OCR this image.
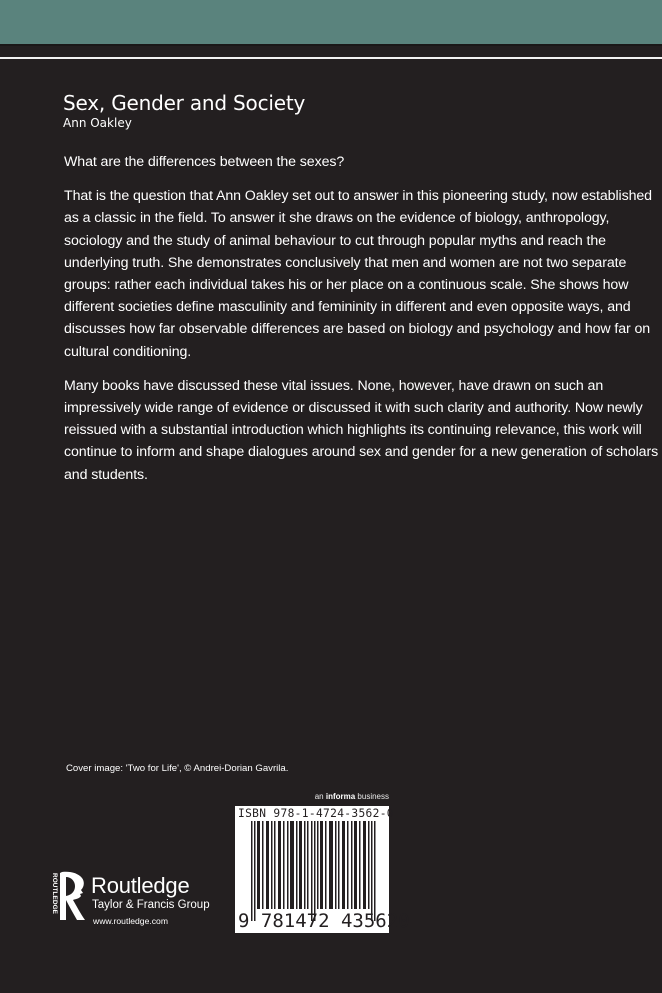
Sex, Gender and Society
Ann Oakley

What are the differences between the sexes?

That is the question that Ann Oakley set out to answer in this pioneering study, now established as a classic in the field. To answer it she draws on the evidence of biology, anthropology, sociology and the study of animal behaviour to cut through popular myths and reach the underlying truth. She demonstrates conclusively that men and women are not two separate groups: rather each individual takes his or her place on a continuous scale. She shows how different societies define masculinity and femininity in different and even opposite ways, and discusses how far observable differences are based on biology and psychology and how far on cultural conditioning.

Many books have discussed these vital issues. None, however, have drawn on such an impressively wide range of evidence or discussed it with such clarity and authority. Now newly reissued with a substantial introduction which highlights its continuing relevance, this work will continue to inform and shape dialogues around sex and gender for a new generation of scholars and students.

Cover image: 'Two for Life', © Andrei-Dorian Gavrila.
an informa business
ISBN 978-1-4724-3562-0
9 781472 435620
ROUTLEDGE Routledge
Taylor & Francis Group
www.routledge.com
